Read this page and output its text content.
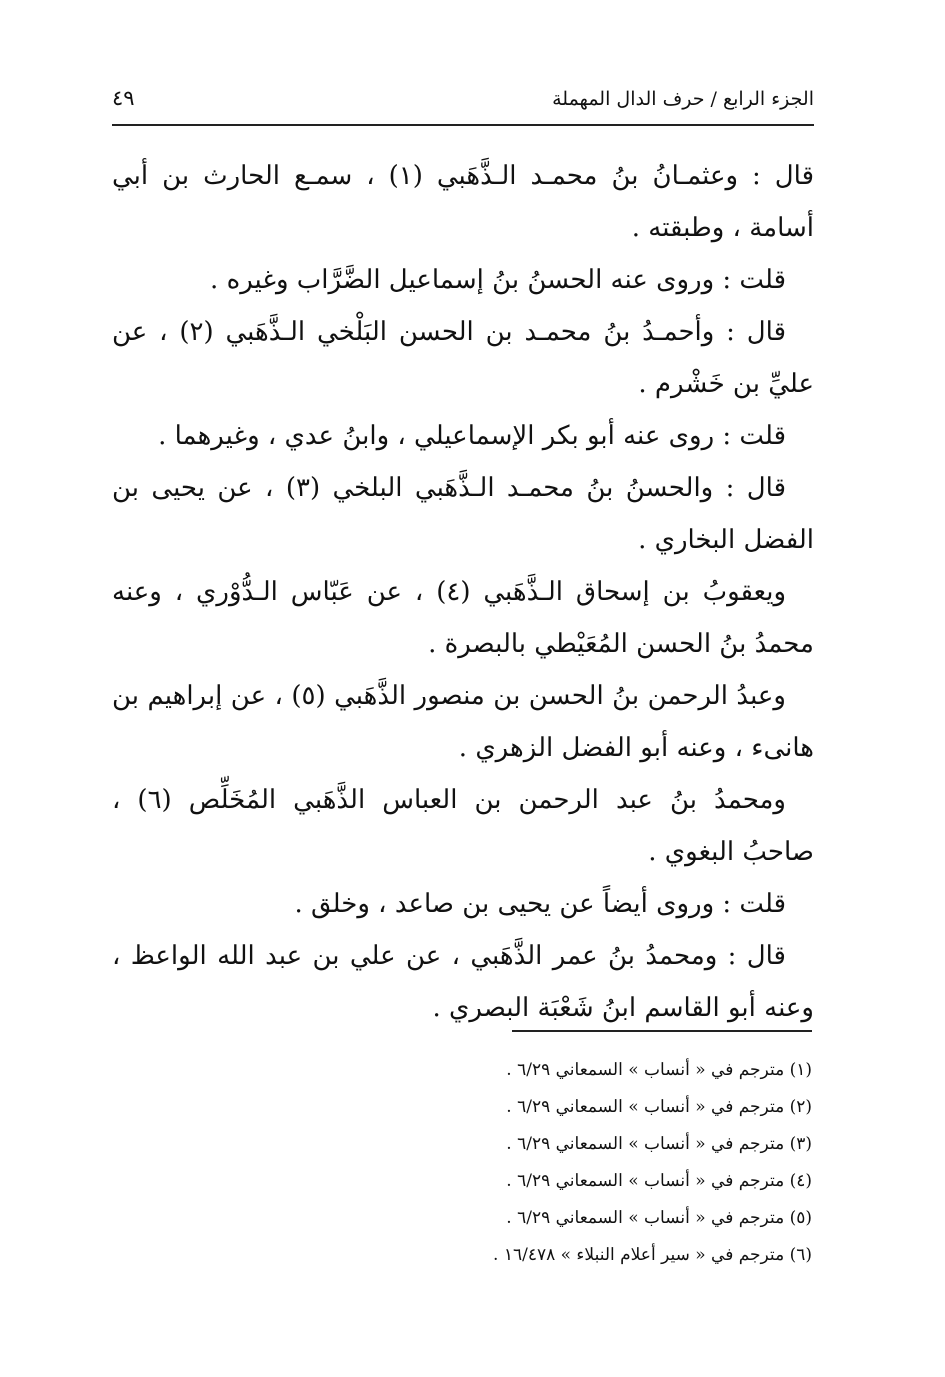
الجزء الرابع / حرف الدال المهملة
٤٩

قال : وعثمـانُ بنُ محمـد الـذَّهَبي (١) ، سمـع الحارث بن أبي أسامة ، وطبقته .

قلت : وروى عنه الحسنُ بنُ إسماعيل الضَّرَّاب وغيره .

قال : وأحمـدُ بنُ محمـد بن الحسن البَلْخي الـذَّهَبي (٢) ، عن عليِّ بن خَشْرم .

قلت : روى عنه أبو بكر الإسماعيلي ، وابنُ عدي ، وغيرهما .

قال : والحسنُ بنُ محمـد الـذَّهَبي البلخي (٣) ، عن يحيى بن الفضل البخاري .

ويعقوبُ بن إسحاق الـذَّهَبي (٤) ، عن عَبّاس الـدُّوْري ، وعنه محمدُ بنُ الحسن المُعَيْطي بالبصرة .

وعبدُ الرحمن بنُ الحسن بن منصور الذَّهَبي (٥) ، عن إبراهيم بن هانىء ، وعنه أبو الفضل الزهري .

ومحمدُ بنُ عبد الرحمن بن العباس الذَّهَبي المُخَلِّص (٦) ، صاحبُ البغوي .

قلت : وروى أيضاً عن يحيى بن صاعد ، وخلق .

قال : ومحمدُ بنُ عمر الذَّهَبي ، عن علي بن عبد الله الواعظ ، وعنه أبو القاسم ابنُ شَعْبَة البصري .

(١) مترجم في « أنساب » السمعاني ٦/٢٩ .

(٢) مترجم في « أنساب » السمعاني ٦/٢٩ .

(٣) مترجم في « أنساب » السمعاني ٦/٢٩ .

(٤) مترجم في « أنساب » السمعاني ٦/٢٩ .

(٥) مترجم في « أنساب » السمعاني ٦/٢٩ .

(٦) مترجم في « سير أعلام النبلاء » ١٦/٤٧٨ .
